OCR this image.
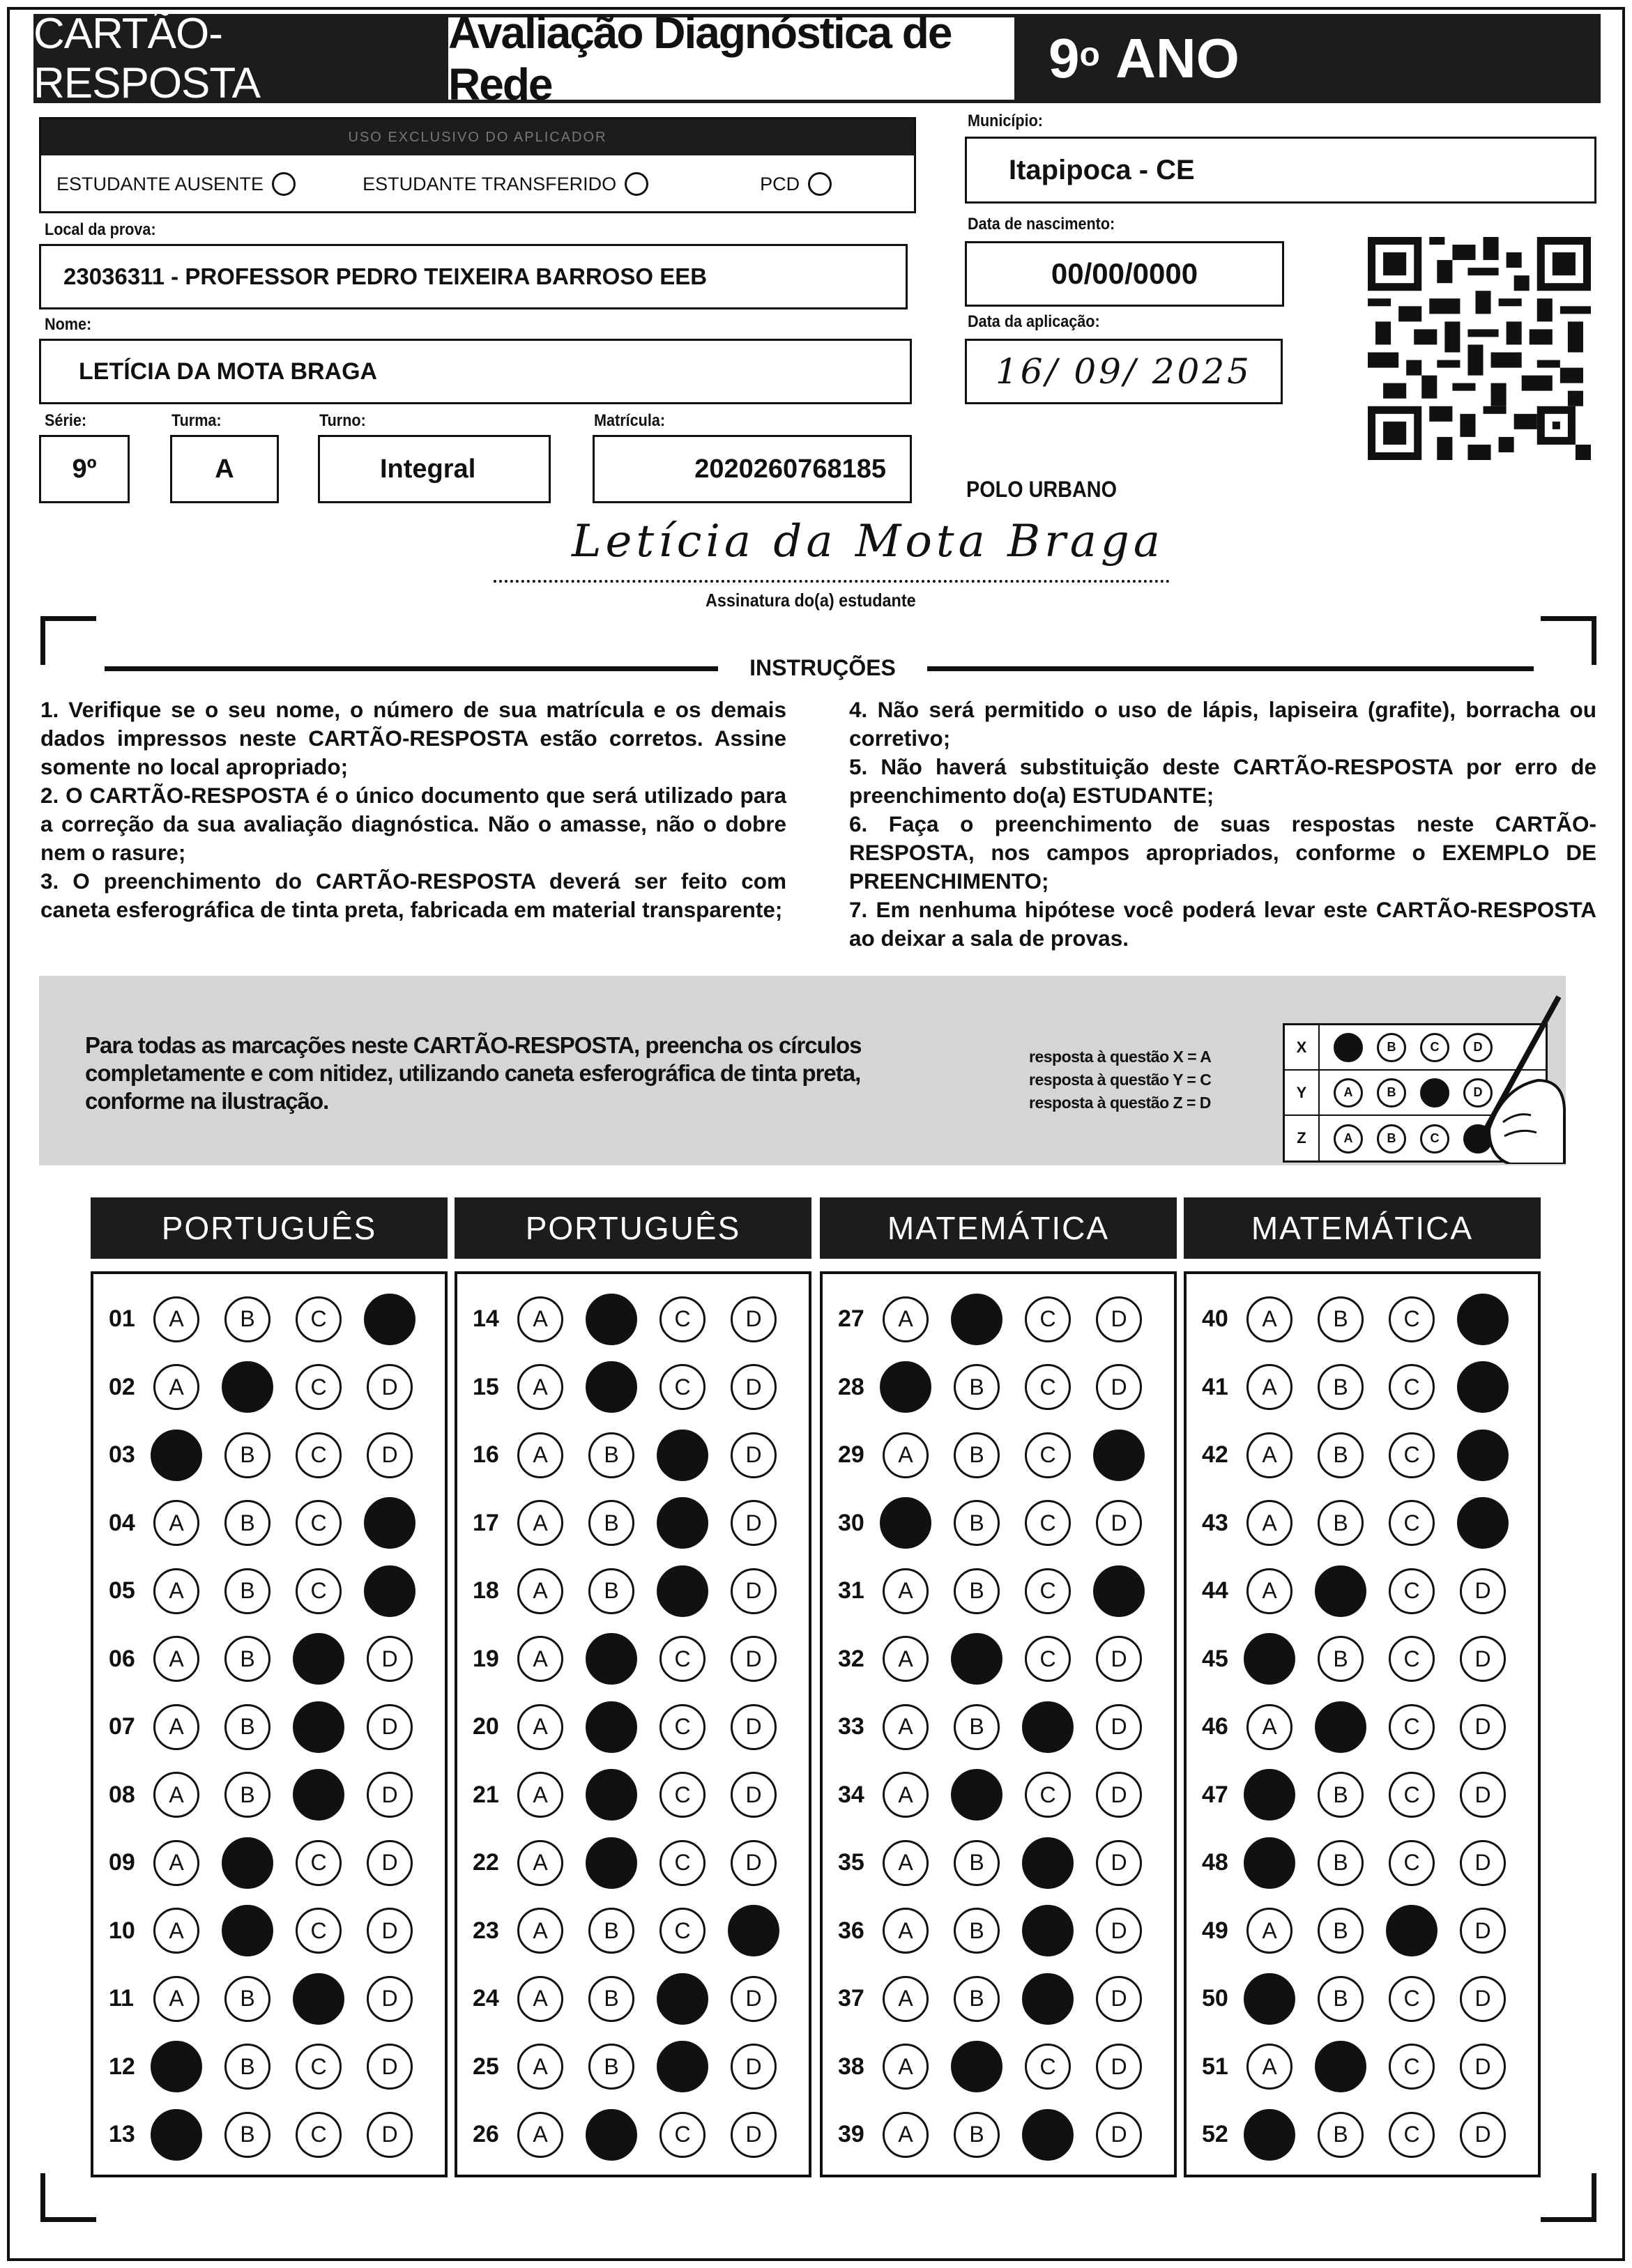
CARTÃO-RESPOSTA
Avaliação Diagnóstica de Rede	9$^o$
ANO
USO EXCLUSIVO DO APLICADOR
ESTUDANTE AUSENTE	ESTUDANTE TRANSFERIDO	PCD
Local da prova:
23036311 - PROFESSOR PEDRO TEIXEIRA BARROSO EEB
Nome:
LETÍCIA DA MOTA BRAGA
Série:
9º
Turma:
A
Turno:
Integral
Matrícula:
2020260768185
Município:
Itapipoca - CE
Data de nascimento:
00/00/0000
Data da aplicação:
16/ 09/ 2025
POLO URBANO
Letícia da Mota Braga
Assinatura do(a) estudante
INSTRUÇÕES

1. Verifique se o seu nome, o número de sua matrícula e os demais dados impressos neste CARTÃO-RESPOSTA estão corretos. Assine somente no local apropriado;

2. O CARTÃO-RESPOSTA é o único documento que será utilizado para a correção da sua avaliação diagnóstica. Não o amasse, não o dobre nem o rasure;

3. O preenchimento do CARTÃO-RESPOSTA deverá ser feito com caneta esferográfica de tinta preta, fabricada em material transparente;

4. Não será permitido o uso de lápis, lapiseira (grafite), borracha ou corretivo;

5. Não haverá substituição deste CARTÃO-RESPOSTA por erro de preenchimento do(a) ESTUDANTE;

6. Faça o preenchimento de suas respostas neste CARTÃO-RESPOSTA, nos campos apropriados, conforme o EXEMPLO DE PREENCHIMENTO;

7. Em nenhuma hipótese você poderá levar este CARTÃO-RESPOSTA ao deixar a sala de provas.

Para todas as marcações neste CARTÃO-RESPOSTA, preencha os círculos completamente e com nitidez, utilizando caneta esferográfica de tinta preta, conforme na ilustração.
resposta à questão X = A
resposta à questão Y = C
resposta à questão Z = D
X	A	B	C	D
Y	A	B	C	D
Z	A	B	C	D
PORTUGUÊS
01	A	B	C	D
02	A	B	C	D
03	A	B	C	D
04	A	B	C	D
05	A	B	C	D
06	A	B	C	D
07	A	B	C	D
08	A	B	C	D
09	A	B	C	D
10	A	B	C	D
11	A	B	C	D
12	A	B	C	D
13	A	B	C	D
PORTUGUÊS
14	A	B	C	D
15	A	B	C	D
16	A	B	C	D
17	A	B	C	D
18	A	B	C	D
19	A	B	C	D
20	A	B	C	D
21	A	B	C	D
22	A	B	C	D
23	A	B	C	D
24	A	B	C	D
25	A	B	C	D
26	A	B	C	D
MATEMÁTICA
27	A	B	C	D
28	A	B	C	D
29	A	B	C	D
30	A	B	C	D
31	A	B	C	D
32	A	B	C	D
33	A	B	C	D
34	A	B	C	D
35	A	B	C	D
36	A	B	C	D
37	A	B	C	D
38	A	B	C	D
39	A	B	C	D
MATEMÁTICA
40	A	B	C	D
41	A	B	C	D
42	A	B	C	D
43	A	B	C	D
44	A	B	C	D
45	A	B	C	D
46	A	B	C	D
47	A	B	C	D
48	A	B	C	D
49	A	B	C	D
50	A	B	C	D
51	A	B	C	D
52	A	B	C	D
